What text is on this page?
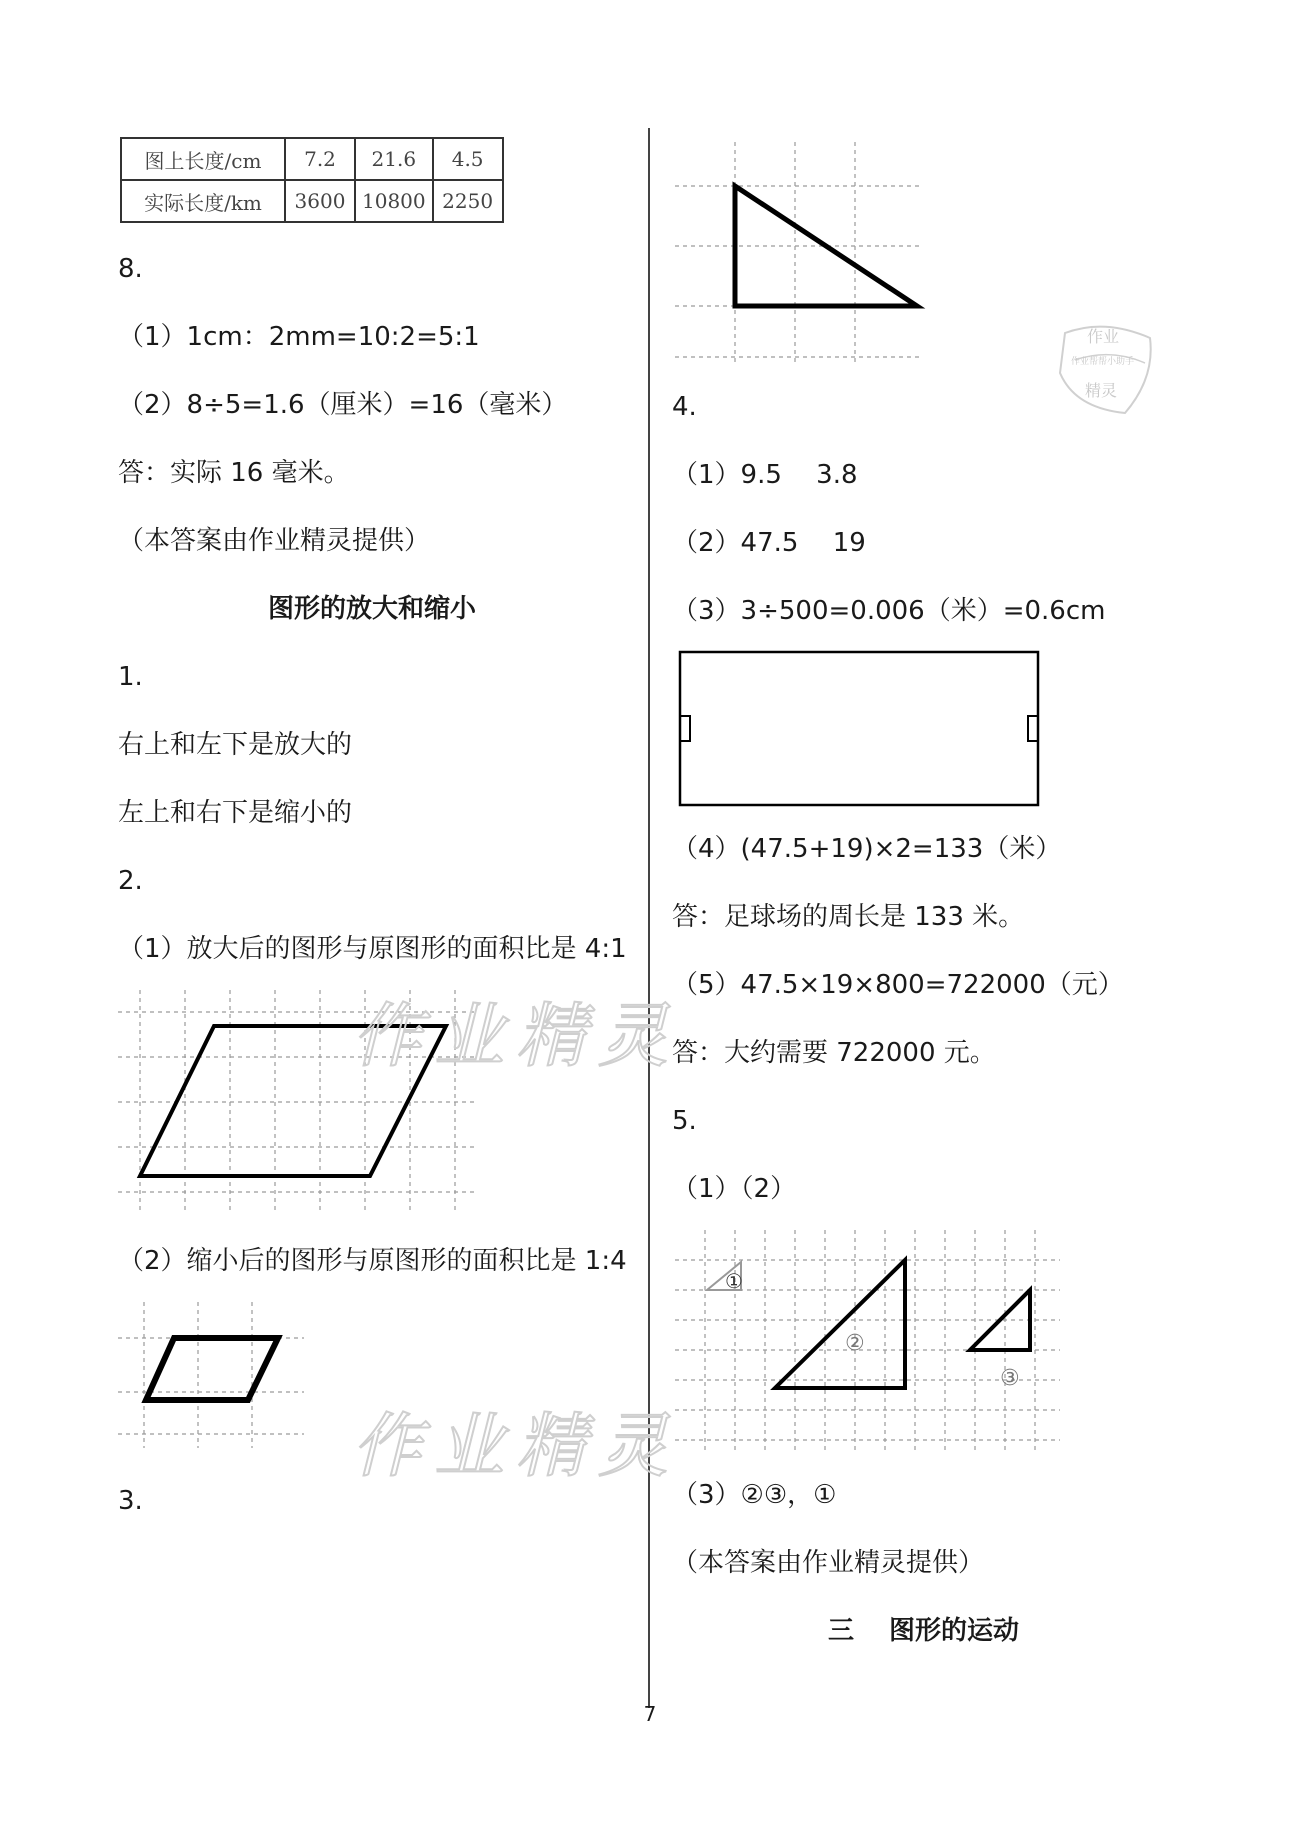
图上长度/cm	7.2	21.6	4.5
实际长度/km	3600	10800	2250
8.
（1）1cm：2mm=10:2=5:1
（2）8÷5=1.6（厘米）=16（毫米）
答：实际 16 毫米。
（本答案由作业精灵提供）
图形的放大和缩小
1.
右上和左下是放大的
左上和右下是缩小的
2.
（1）放大后的图形与原图形的面积比是 4:1
（2）缩小后的图形与原图形的面积比是 1:4
3.
作业
作业帮帮小助手
精灵
4.
（1）9.5　 3.8
（2）47.5　 19
（3）3÷500=0.006（米）=0.6cm
（4）(47.5+19)×2=133（米）
答：足球场的周长是 133 米。
（5）47.5×19×800=722000（元）
答：大约需要 722000 元。
5.
（1）（2）
①
②
③
（3）②③，①
（本答案由作业精灵提供）
三　 图形的运动
作业精灵
作业精灵
7
